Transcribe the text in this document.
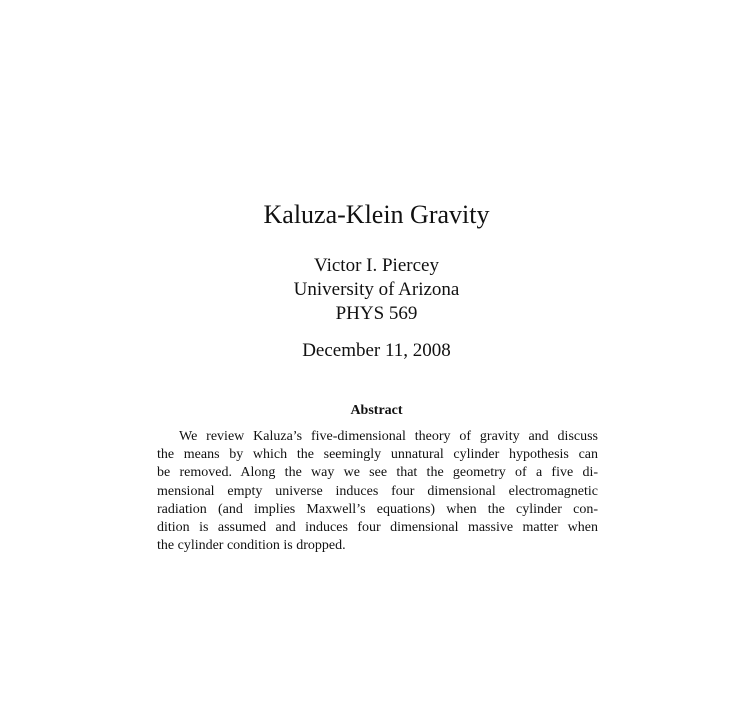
Kaluza-Klein Gravity
Victor I. Piercey
University of Arizona
PHYS 569
December 11, 2008
Abstract
We review Kaluza’s five-dimensional theory of gravity and discuss
the means by which the seemingly unnatural cylinder hypothesis can
be removed. Along the way we see that the geometry of a five di-
mensional empty universe induces four dimensional electromagnetic
radiation (and implies Maxwell’s equations) when the cylinder con-
dition is assumed and induces four dimensional massive matter when
the cylinder condition is dropped.
